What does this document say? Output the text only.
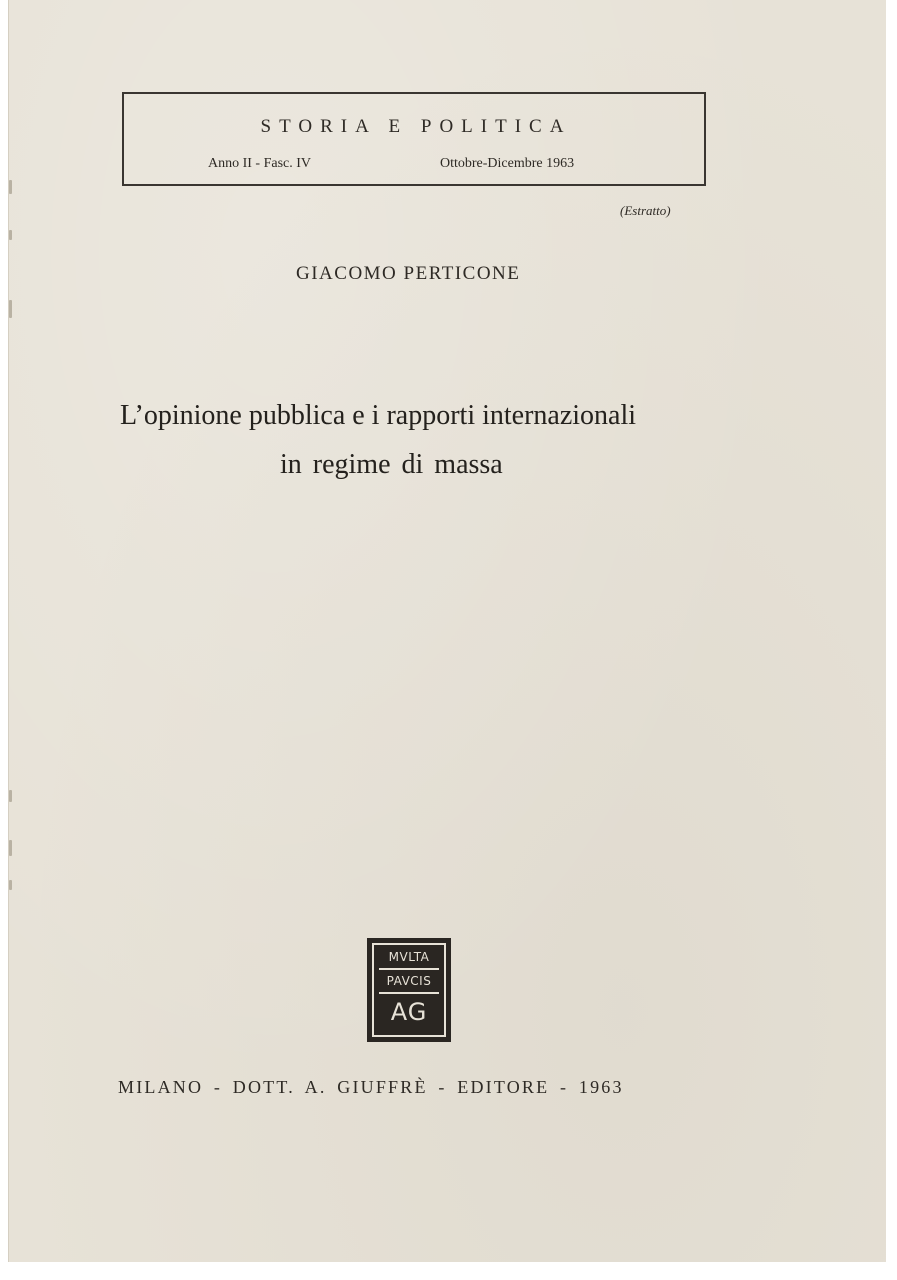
STORIA E POLITICA
Anno II - Fasc. IV	Ottobre-Dicembre 1963
(Estratto)
GIACOMO PERTICONE
L’opinione pubblica e i rapporti internazionali
in regime di massa
MVLTA
PAVCIS
AG
MILANO - DOTT. A. GIUFFRÈ - EDITORE - 1963
